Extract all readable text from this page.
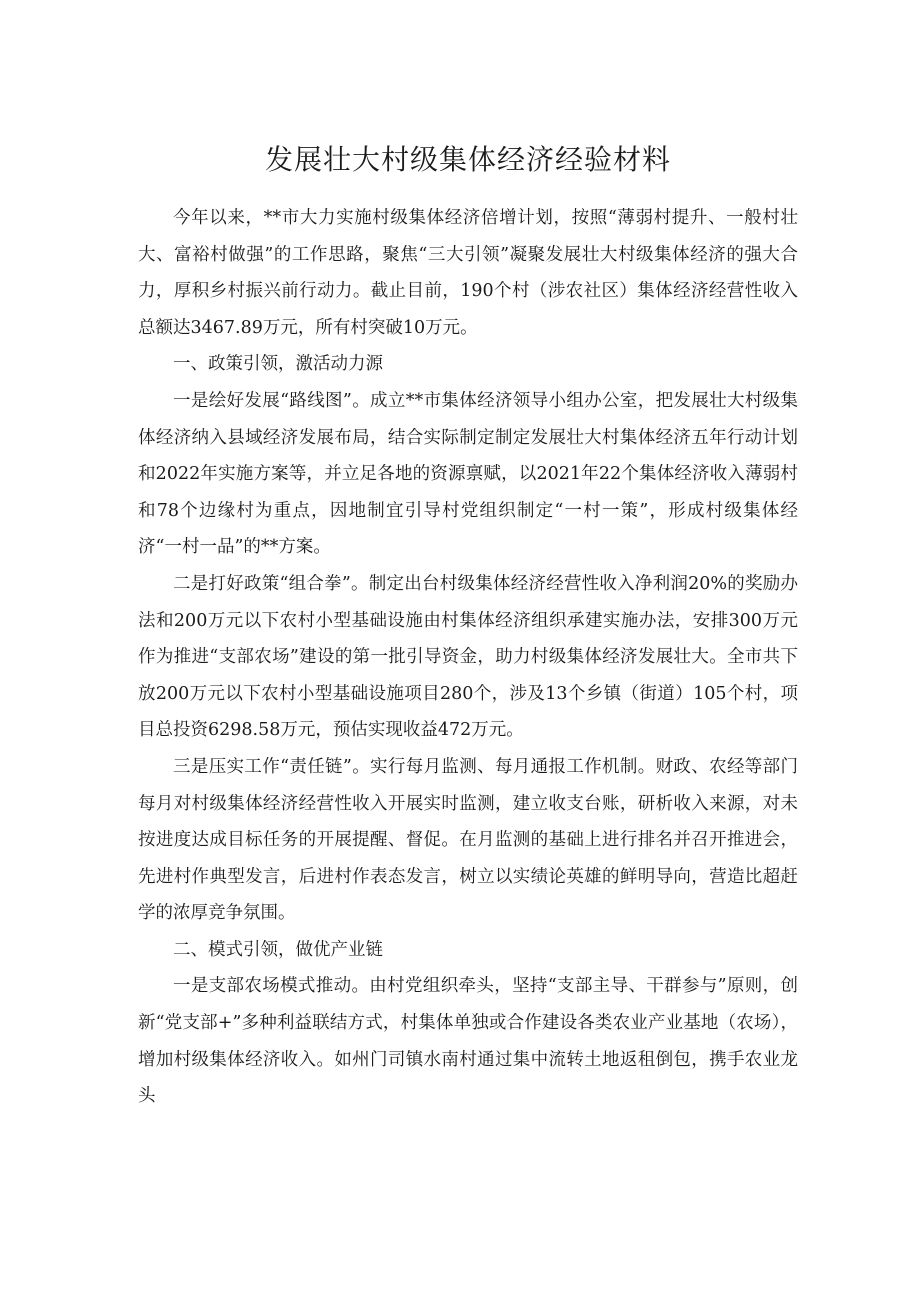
发展壮大村级集体经济经验材料

今年以来，**市大力实施村级集体经济倍增计划，按照“薄弱村提升、一般村壮大、富裕村做强”的工作思路，聚焦“三大引领”凝聚发展壮大村级集体经济的强大合力，厚积乡村振兴前行动力。截止目前，190个村（涉农社区）集体经济经营性收入总额达3467.89万元，所有村突破10万元。

一、政策引领，激活动力源

一是绘好发展“路线图”。成立**市集体经济领导小组办公室，把发展壮大村级集体经济纳入县域经济发展布局，结合实际制定制定发展壮大村集体经济五年行动计划和2022年实施方案等，并立足各地的资源禀赋，以2021年22个集体经济收入薄弱村和78个边缘村为重点，因地制宜引导村党组织制定“一村一策”，形成村级集体经济“一村一品”的**方案。

二是打好政策“组合拳”。制定出台村级集体经济经营性收入净利润20%的奖励办法和200万元以下农村小型基础设施由村集体经济组织承建实施办法，安排300万元作为推进“支部农场”建设的第一批引导资金，助力村级集体经济发展壮大。全市共下放200万元以下农村小型基础设施项目280个，涉及13个乡镇（街道）105个村，项目总投资6298.58万元，预估实现收益472万元。

三是压实工作“责任链”。实行每月监测、每月通报工作机制。财政、农经等部门每月对村级集体经济经营性收入开展实时监测，建立收支台账，研析收入来源，对未按进度达成目标任务的开展提醒、督促。在月监测的基础上进行排名并召开推进会，先进村作典型发言，后进村作表态发言，树立以实绩论英雄的鲜明导向，营造比超赶学的浓厚竞争氛围。

二、模式引领，做优产业链

一是支部农场模式推动。由村党组织牵头，坚持“支部主导、干群参与”原则，创新“党支部+”多种利益联结方式，村集体单独或合作建设各类农业产业基地（农场），增加村级集体经济收入。如州门司镇水南村通过集中流转土地返租倒包，携手农业龙头
